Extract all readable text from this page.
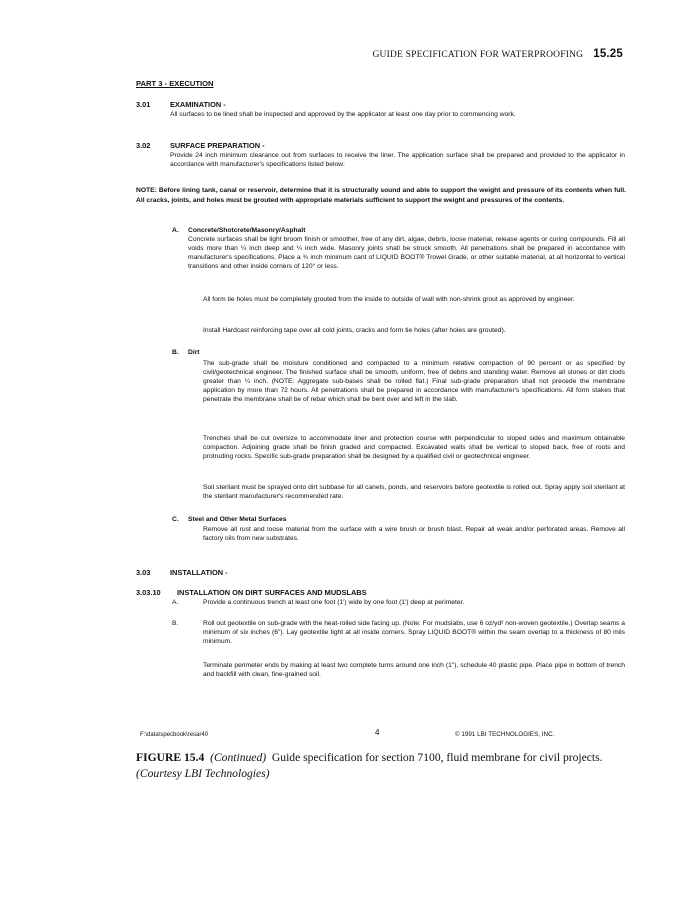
GUIDE SPECIFICATION FOR WATERPROOFING 15.25
PART 3 - EXECUTION
3.01	EXAMINATION -
All surfaces to be lined shall be inspected and approved by the applicator at least one day prior to commencing work.
3.02	SURFACE PREPARATION -
Provide 24 inch minimum clearance out from surfaces to receive the liner. The application surface shall be prepared and provided to the applicator in accordance with manufacturer's specifications listed below:
NOTE: Before lining tank, canal or reservoir, determine that it is structurally sound and able to support the weight and pressure of its contents when full. All cracks, joints, and holes must be grouted with appropriate materials sufficient to support the weight and pressures of the contents.
A. Concrete/Shotcrete/Masonry/Asphalt
Concrete surfaces shall be light broom finish or smoother, free of any dirt, algae, debris, loose material, release agents or curing compounds. Fill all voids more than ¼ inch deep and ¼ inch wide. Masonry joints shall be struck smooth. All penetrations shall be prepared in accordance with manufacturer's specifications. Place a ¾ inch minimum cant of LIQUID BOOT® Trowel Grade, or other suitable material, at all horizontal to vertical transitions and other inside corners of 120° or less.
All form tie holes must be completely grouted from the inside to outside of wall with non-shrink grout as approved by engineer.
Install Hardcast reinforcing tape over all cold joints, cracks and form tie holes (after holes are grouted).
B. Dirt
The sub-grade shall be moisture conditioned and compacted to a minimum relative compaction of 90 percent or as specified by civil/geotechnical engineer. The finished surface shall be smooth, uniform, free of debris and standing water. Remove all stones or dirt clods greater than ¼ inch. (NOTE: Aggregate sub-bases shall be rolled flat.) Final sub-grade preparation shall not precede the membrane application by more than 72 hours. All penetrations shall be prepared in accordance with manufacturer's specifications. All form stakes that penetrate the membrane shall be of rebar which shall be bent over and left in the slab.
Trenches shall be cut oversize to accommodate liner and protection course with perpendicular to sloped sides and maximum obtainable compaction. Adjoining grade shall be finish graded and compacted. Excavated walls shall be vertical to sloped back, free of roots and protruding rocks. Specific sub-grade preparation shall be designed by a qualified civil or geotechnical engineer.
Soil sterilant must be sprayed onto dirt subbase for all canels, ponds, and reservoirs before geotextile is rolled out. Spray apply soil sterilant at the sterilant manufacturer's recommended rate.
C. Steel and Other Metal Surfaces
Remove all rust and loose material from the surface with a wire brush or brush blast. Repair all weak and/or perforated areas. Remove all factory oils from new substrates.
3.03	INSTALLATION -
3.03.10 INSTALLATION ON DIRT SURFACES AND MUDSLABS
A.	Provide a continuous trench at least one foot (1') wide by one foot (1') deep at perimeter.
B.	Roll out geotextile on sub-grade with the heat-rolled side facing up. (Note: For mudslabs, use 6 oz/yd² non-woven geotextile.) Overlap seams a minimum of six inches (6"). Lay geotextile tight at all inside corners. Spray LIQUID BOOT® within the seam overlap to a thickness of 80 mils minimum.
Terminate perimeter ends by making at least two complete turns around one inch (1"), schedule 40 plastic pipe. Place pipe in bottom of trench and backfill with clean, fine-grained soil.
F:\data\specbook\resar40	4	© 1991 LBI TECHNOLOGIES, INC.
FIGURE 15.4 (Continued) Guide specification for section 7100, fluid membrane for civil projects.
(Courtesy LBI Technologies)
